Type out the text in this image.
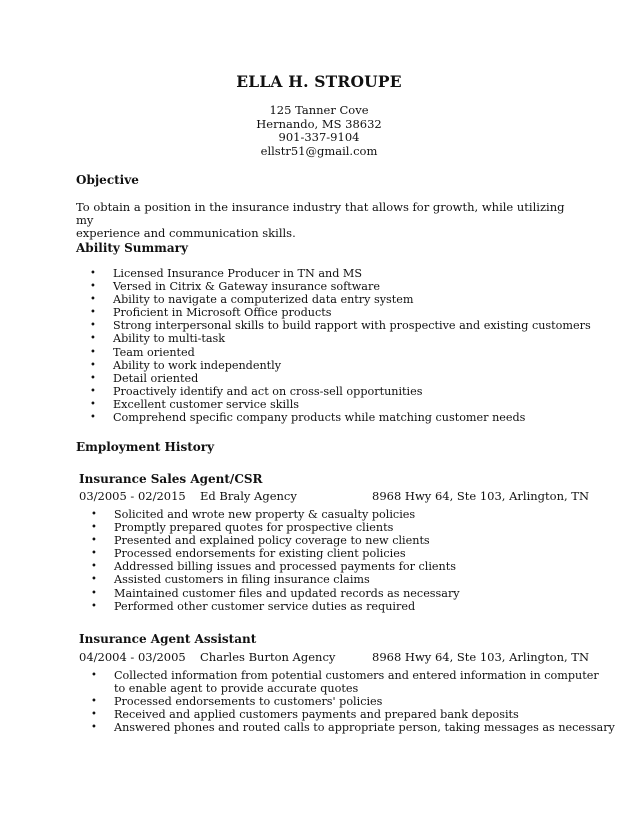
ELLA H. STROUPE
125 Tanner Cove
Hernando, MS 38632
901-337-9104
ellstr51@gmail.com
Objective
To obtain a position in the insurance industry that allows for growth, while utilizing my
experience and communication skills.
Ability Summary
• Licensed Insurance Producer in TN and MS
• Versed in Citrix & Gateway insurance software
• Ability to navigate a computerized data entry system
• Proficient in Microsoft Office products
• Strong interpersonal skills to build rapport with prospective and existing customers
• Ability to multi-task
• Team oriented
• Ability to work independently
• Detail oriented
• Proactively identify and act on cross-sell opportunities
• Excellent customer service skills
• Comprehend specific company products while matching customer needs
Employment History
Insurance Sales Agent/CSR
03/2005 - 02/2015 Ed Braly Agency	8968 Hwy 64, Ste 103, Arlington, TN
• Solicited and wrote new property & casualty policies
• Promptly prepared quotes for prospective clients
• Presented and explained policy coverage to new clients
• Processed endorsements for existing client policies
• Addressed billing issues and processed payments for clients
• Assisted customers in filing insurance claims
• Maintained customer files and updated records as necessary
• Performed other customer service duties as required
Insurance Agent Assistant
04/2004 - 03/2005 Charles Burton Agency	8968 Hwy 64, Ste 103, Arlington, TN
• Collected information from potential customers and entered information in computer
to enable agent to provide accurate quotes
• Processed endorsements to customers' policies
• Received and applied customers payments and prepared bank deposits
• Answered phones and routed calls to appropriate person, taking messages as necessary
